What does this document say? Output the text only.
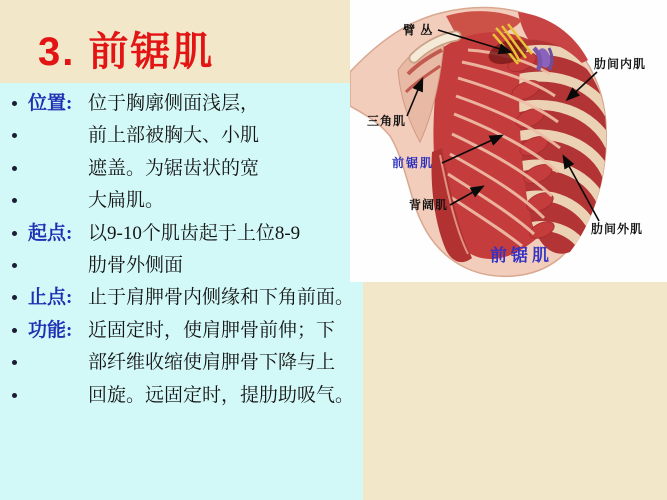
3. 前锯肌
位置: 位于胸廓侧面浅层，
前上部被胸大、小肌
遮盖。为锯齿状的宽
大扁肌。
起点: 以9-10个肌齿起于上位8-9
肋骨外侧面
止点: 止于肩胛骨内侧缘和下角前面。
功能: 近固定时，使肩胛骨前伸；下
部纤维收缩使肩胛骨下降与上
回旋。远固定时，提肋助吸气。
臂 丛
肋间内肌
三角肌
前锯肌
背阔肌
肋间外肌
前锯肌
